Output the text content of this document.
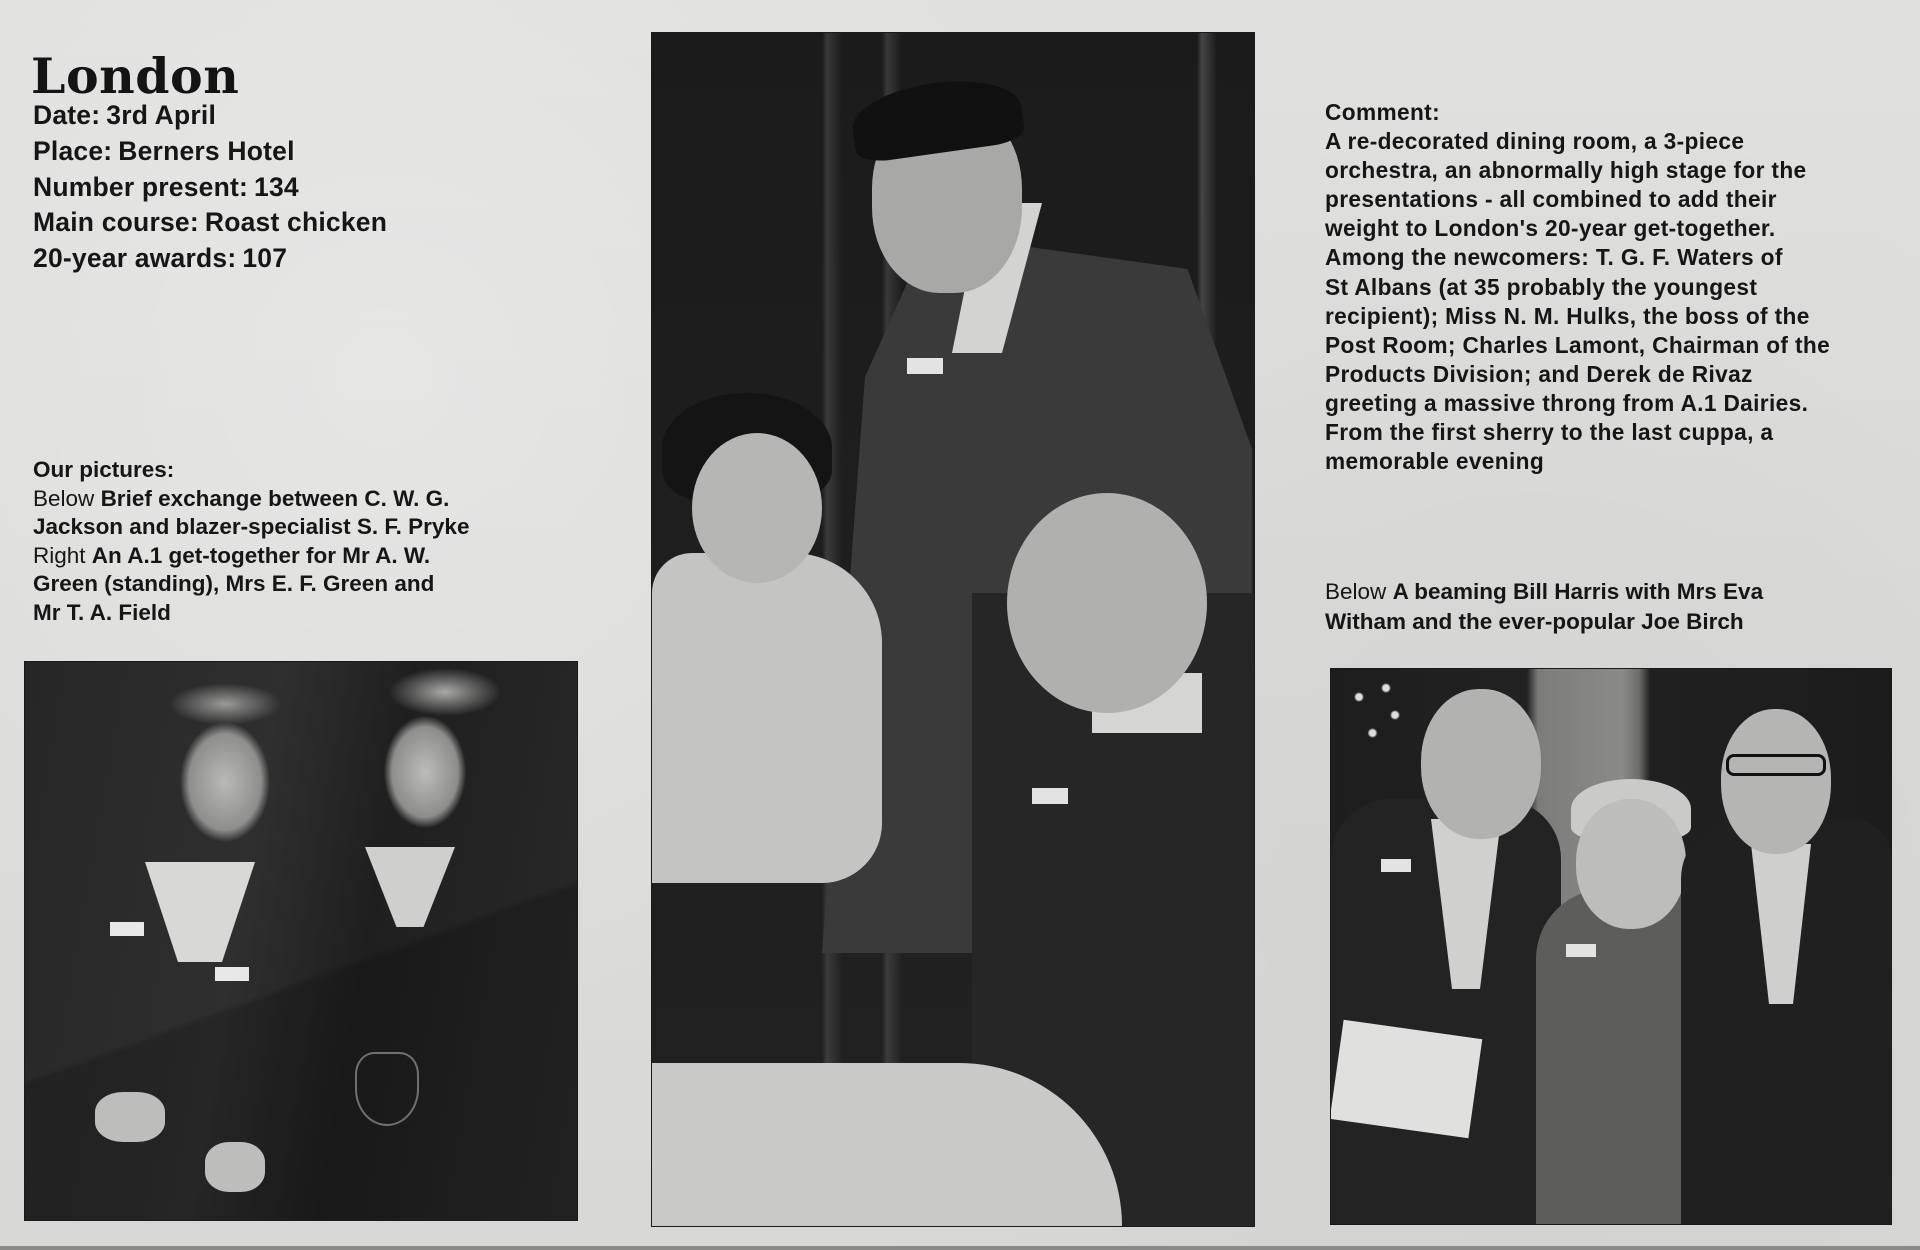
London
Date: 3rd April
Place: Berners Hotel
Number present: 134
Main course: Roast chicken
20-year awards: 107
Our pictures:
Below Brief exchange between C. W. G.
Jackson and blazer-specialist S. F. Pryke
Right An A.1 get-together for Mr A. W.
Green (standing), Mrs E. F. Green and
Mr T. A. Field
Comment:
A re-decorated dining room, a 3-piece
orchestra, an abnormally high stage for the
presentations - all combined to add their
weight to London's 20-year get-together.
Among the newcomers: T. G. F. Waters of
St Albans (at 35 probably the youngest
recipient); Miss N. M. Hulks, the boss of the
Post Room; Charles Lamont, Chairman of the
Products Division; and Derek de Rivaz
greeting a massive throng from A.1 Dairies.
From the first sherry to the last cuppa, a
memorable evening
Below A beaming Bill Harris with Mrs Eva
Witham and the ever-popular Joe Birch
